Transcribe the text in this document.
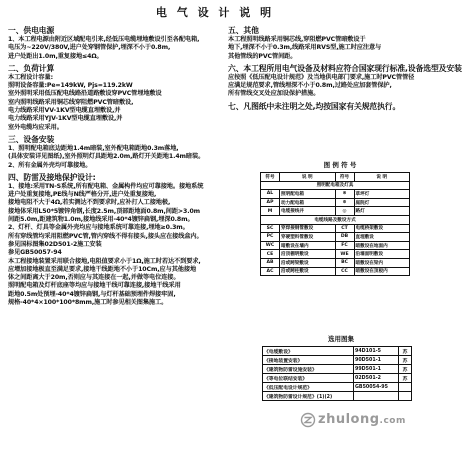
电 气 设 计 说 明
一、供电电源
1、本工程电源由附近区域配电引来,经低压电缆埋地敷设引至各配电箱,
电压为~220V/380V,进户处穿钢管保护,埋深不小于0.8m,
进户处距出1.0m,重复接地≤4Ω。
二、负荷计算
本工程设计容量:
照明设备容量:Pe=149kW, Pjs=119.2kW
室外照明采用低压配电线路沿道路敷设穿PVC管埋地敷设
室内照明线路采用铜芯线穿阻燃PVC管暗敷设,
电力线路采用VV-1KV型电缆直埋敷设,并
电力线路采用YJV-1KV型电缆直埋敷设,并
室外电缆均应采用。
三、设备安装
1、照明配电箱底边距地1.4m暗装,室外配电箱距地0.3m落地,
(具体安装详见图纸),室外照明灯具距地2.0m,路灯开关距地1.4m暗装。
2、所有金属外壳均可靠接地。
四、防雷及接地保护设计:
1、接地:采用TN-S系统,所有配电箱、金属构件均应可靠接地。接地系统
进户处重复接地,PE线与N线严格分开,进户处重复接地,
接地电阻不大于4Ω,若实测达不到要求时,应补打人工接地极,
接地体采用L50*5镀锌角钢,长度2.5m,顶部距地面0.8m,间距>3.0m
间距5.0m,距建筑物1.0m,接地线采用-40*4镀锌扁钢,埋深0.8m。
2、灯杆、灯具等金属外壳均应与接地系统可靠连接,埋地≥0.3m。
所有穿线管均采用阻燃PVC管,管内穿线不得有接头,接头应在接线盒内。
参见国标图集02D501-2施工安装
参见GB50057-94
本工程接地装置采用联合接地,电阻值要求小于1Ω,施工时若达不到要求,
应增加接地极直至满足要求,接地干线距地不小于10Cm,应与其他接地
体之间距离大于20m,否则应与其连接在一起,并做等电位连接。
照明配电箱及灯杆底座等均应与接地干线可靠连接,接地干线采用
距地0.5m处预埋-40*4镀锌扁钢,与灯杆基础预埋件焊接牢固,
规格-40*4×100*100*8mm,施工时参见相关图集施工。
五、其他
本工程照明线路采用铜芯线,穿阻燃PVC管暗敷设于
地下,埋深不小于0.3m,线路采用RVS型,施工时应注意与
其他管线的PVC管间距。
六、本工程所用电气设备及材料应符合国家现行标准,设备选型及安装
应按照《低压配电设计规范》及当地供电部门要求,施工时PVC管管径
应满足规范要求,管线埋深不小于0.8m,过路处应加套管保护,
所有管线交叉处应加设保护措施。
七、凡图纸中未注明之处,均按国家有关规范执行。
图 例 符 号
符号	说 明	符号	说 明
照明配电箱及灯具			
AL	照明配电箱	⊗	草坪灯
AP	动力配电箱	⊕	庭院灯
M	电缆接线井	◎	路灯
电缆线路及敷设方式			
SC	穿焊接钢管敷设	CT	电缆桥架敷设
PC	穿硬塑料管敷设	DB	直埋敷设
WC	暗敷设在墙内	FC	暗敷设在地面内
CE	沿顶棚明敷设	WE	沿墙面明敷设
AB	沿或跨梁敷设	BC	暗敷设在梁内
AC	沿或跨柱敷设	CC	暗敷设在顶板内
选用图集
《电缆敷设》	94D101-5	苏
《接地装置安装》	90D501-1	苏
《建筑物防雷设施安装》	99D501-1	苏
《等电位联结安装》	02D501-2	苏
《低压配电设计规范》	GB50054-95	
《建筑物防雷设计规范》(1)(2)		
zhulong.com
